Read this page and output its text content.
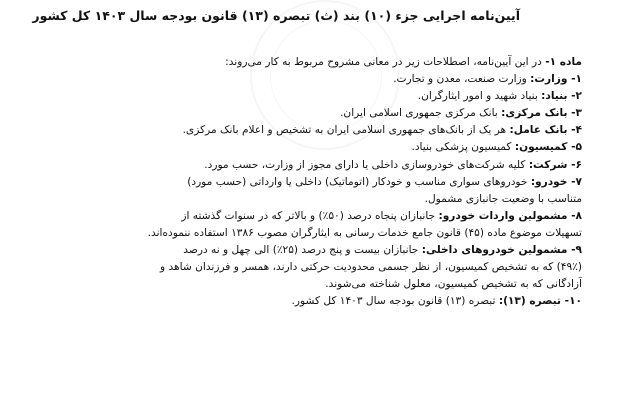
آیین‌نامه اجرایی جزء (۱۰) بند (ث) تبصره (۱۳) قانون بودجه سال ۱۴۰۳ کل کشور
ماده ۱- در این آیین‌نامه، اصطلاحات زیر در معانی مشروح مربوط به کار می‌روند:
۱- وزارت: وزارت صنعت، معدن و تجارت.
۲- بنیاد: بنیاد شهید و امور ایثارگران.
۳- بانک مرکزی: بانک مرکزی جمهوری اسلامی ایران.
۴- بانک عامل: هر یک از بانک‌های جمهوری اسلامی ایران به تشخیص و اعلام بانک مرکزی.
۵- کمیسیون: کمیسیون پزشکی بنیاد.
۶- شرکت: کلیه شرکت‌های خودروسازی داخلی یا دارای مجوز از وزارت، حسب مورد.
۷- خودرو: خودروهای سواری مناسب و خودکار (اتوماتیک) داخلی یا وارداتی (حسب مورد)
متناسب با وضعیت جانبازی مشمول.
۸- مشمولین واردات خودرو: جانبازان پنجاه درصد (۵۰٪) و بالاتر که در سنوات گذشته از
تسهیلات موضوع ماده (۴۵) قانون جامع خدمات رسانی به ایثارگران مصوب ۱۳۸۶ استفاده ننموده‌اند.
۹- مشمولین خودروهای داخلی: جانبازان بیست و پنج درصد (۲۵٪) الی چهل و نه درصد
(۴۹٪) که به تشخیص کمیسیون، از نظر جسمی محدودیت حرکتی دارند، همسر و فرزندان شاهد و
آزادگانی که به تشخیص کمیسیون، معلول شناخته می‌شوند.
۱۰- تبصره (۱۳): تبصره (۱۳) قانون بودجه سال ۱۴۰۳ کل کشور.
